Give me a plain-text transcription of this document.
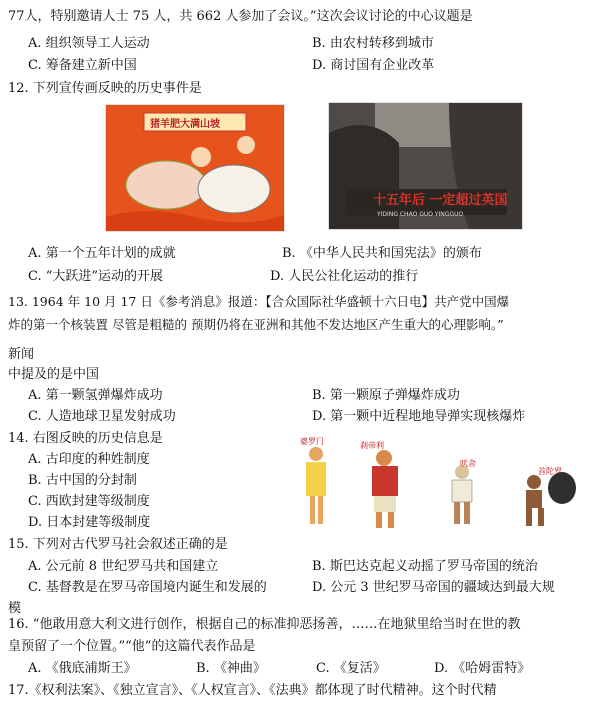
77人，特别邀请人士 75 人，共 662 人参加了会议。”这次会议讨论的中心议题是
A. 组织领导工人运动	B. 由农村转移到城市
C. 筹备建立新中国	D. 商讨国有企业改革
12. 下列宣传画反映的历史事件是
猪羊肥大满山坡
十五年后 一定超过英国
YIDING CHAO GUO YINGGUO
A. 第一个五年计划的成就	B. 《中华人民共和国宪法》的颁布
C. “大跃进”运动的开展	D. 人民公社化运动的推行
13. 1964 年 10 月 17 日《参考消息》报道：【合众国际社华盛顿十六日电】共产党中国爆
炸的第一个核装置 尽管是粗糙的 预期仍将在亚洲和其他不发达地区产生重大的心理影响。”
新闻
中提及的是中国
A. 第一颗氢弹爆炸成功	B. 第一颗原子弹爆炸成功
C. 人造地球卫星发射成功	D. 第一颗中近程地地导弹实现核爆炸
14. 右图反映的历史信息是
A. 古印度的种姓制度
B. 古中国的分封制
C. 西欧封建等级制度
D. 日本封建等级制度
婆罗门	刹帝利
吠舍
首陀罗
15. 下列对古代罗马社会叙述正确的是
A. 公元前 8 世纪罗马共和国建立	B. 斯巴达克起义动摇了罗马帝国的统治
C. 基督教是在罗马帝国境内诞生和发展的	D. 公元 3 世纪罗马帝国的疆域达到最大规
模
16. “他敢用意大利文进行创作，根据自己的标准抑恶扬善，……在地狱里给当时在世的教
皇预留了一个位置。”“他”的这篇代表作品是
A. 《俄底浦斯王》	B. 《神曲》	C. 《复活》	D. 《哈姆雷特》
17.《权利法案》、《独立宣言》、《人权宣言》、《法典》都体现了时代精神。这个时代精
